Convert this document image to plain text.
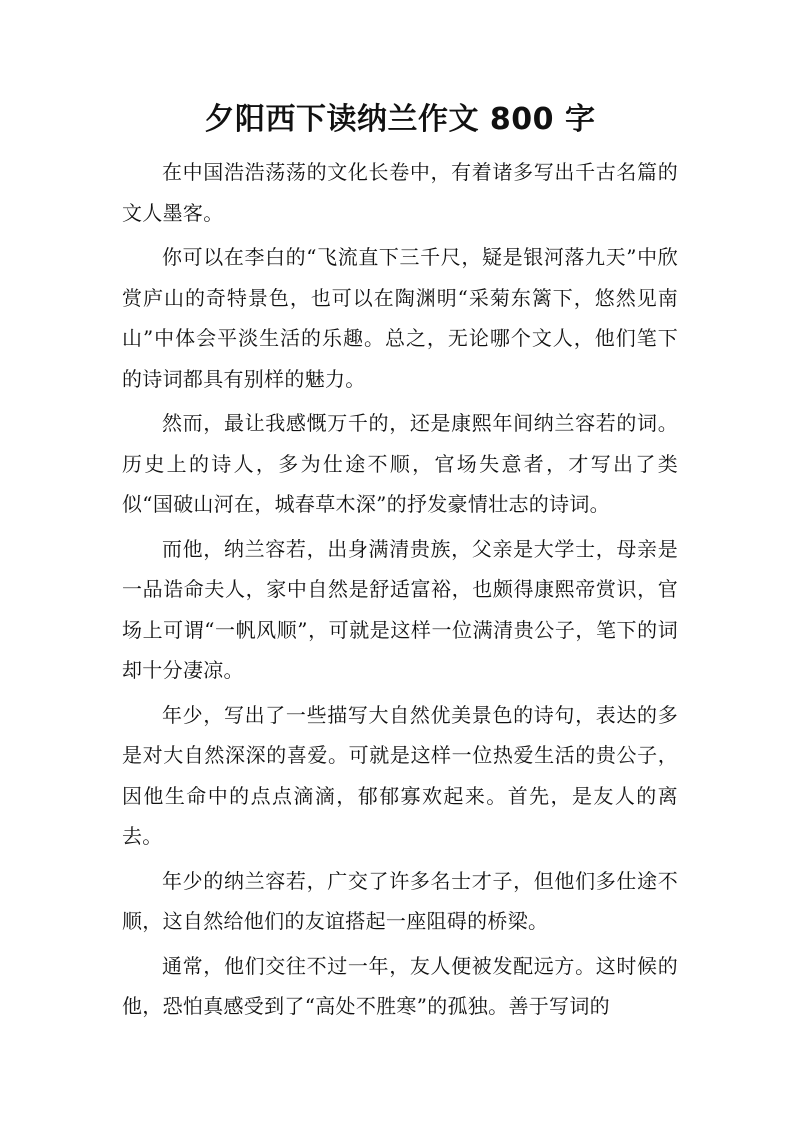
夕阳西下读纳兰作文 800 字

在中国浩浩荡荡的文化长卷中，有着诸多写出千古名篇的文人墨客。

你可以在李白的“飞流直下三千尺，疑是银河落九天”中欣赏庐山的奇特景色，也可以在陶渊明“采菊东篱下，悠然见南山”中体会平淡生活的乐趣。总之，无论哪个文人，他们笔下的诗词都具有别样的魅力。

然而，最让我感慨万千的，还是康熙年间纳兰容若的词。历史上的诗人，多为仕途不顺，官场失意者，才写出了类似“国破山河在，城春草木深”的抒发豪情壮志的诗词。

而他，纳兰容若，出身满清贵族，父亲是大学士，母亲是一品诰命夫人，家中自然是舒适富裕，也颇得康熙帝赏识，官场上可谓“一帆风顺”，可就是这样一位满清贵公子，笔下的词却十分凄凉。

年少，写出了一些描写大自然优美景色的诗句，表达的多是对大自然深深的喜爱。可就是这样一位热爱生活的贵公子，因他生命中的点点滴滴，郁郁寡欢起来。首先，是友人的离去。

年少的纳兰容若，广交了许多名士才子，但他们多仕途不顺，这自然给他们的友谊搭起一座阻碍的桥梁。

通常，他们交往不过一年，友人便被发配远方。这时候的他，恐怕真感受到了“高处不胜寒”的孤独。善于写词的
